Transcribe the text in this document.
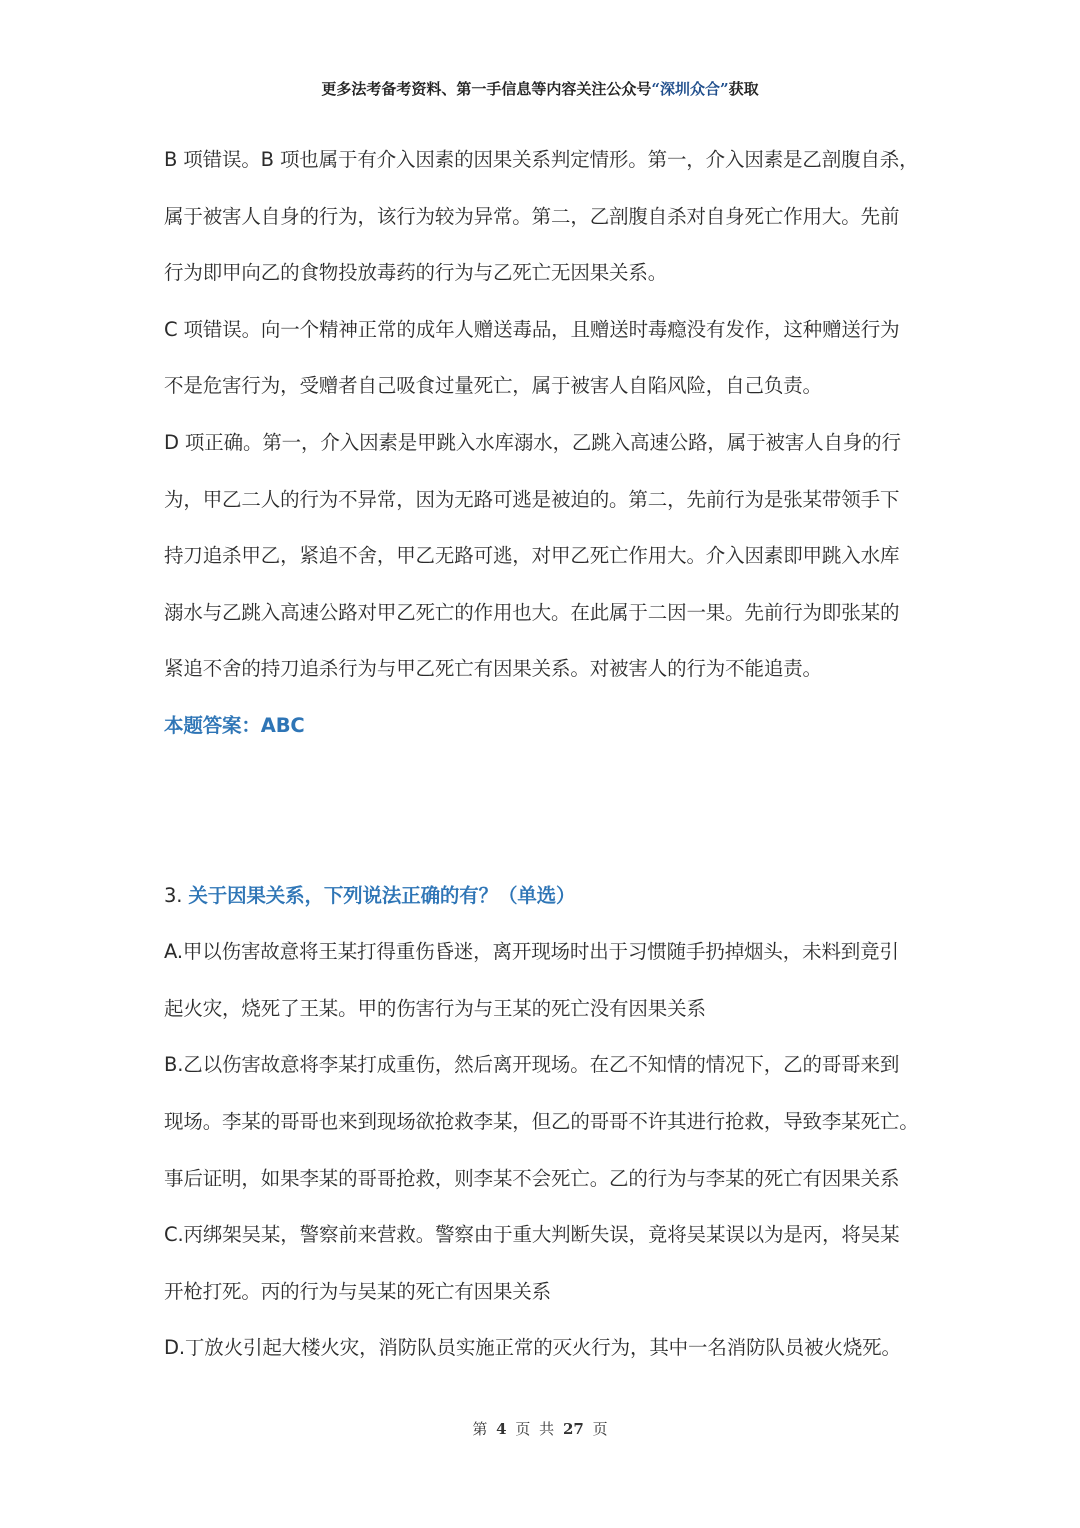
更多法考备考资料、第一手信息等内容关注公众号“深圳众合”获取
B 项错误。B 项也属于有介入因素的因果关系判定情形。第一，介入因素是乙剖腹自杀，
属于被害人自身的行为，该行为较为异常。第二，乙剖腹自杀对自身死亡作用大。先前
行为即甲向乙的食物投放毒药的行为与乙死亡无因果关系。
C 项错误。向一个精神正常的成年人赠送毒品，且赠送时毒瘾没有发作，这种赠送行为
不是危害行为，受赠者自己吸食过量死亡，属于被害人自陷风险，自己负责。
D 项正确。第一，介入因素是甲跳入水库溺水，乙跳入高速公路，属于被害人自身的行
为，甲乙二人的行为不异常，因为无路可逃是被迫的。第二，先前行为是张某带领手下
持刀追杀甲乙，紧追不舍，甲乙无路可逃，对甲乙死亡作用大。介入因素即甲跳入水库
溺水与乙跳入高速公路对甲乙死亡的作用也大。在此属于二因一果。先前行为即张某的
紧追不舍的持刀追杀行为与甲乙死亡有因果关系。对被害人的行为不能追责。
本题答案：ABC
3. 关于因果关系，下列说法正确的有？（单选）
A.甲以伤害故意将王某打得重伤昏迷，离开现场时出于习惯随手扔掉烟头，未料到竟引
起火灾，烧死了王某。甲的伤害行为与王某的死亡没有因果关系
B.乙以伤害故意将李某打成重伤，然后离开现场。在乙不知情的情况下，乙的哥哥来到
现场。李某的哥哥也来到现场欲抢救李某，但乙的哥哥不许其进行抢救，导致李某死亡。
事后证明，如果李某的哥哥抢救，则李某不会死亡。乙的行为与李某的死亡有因果关系
C.丙绑架吴某，警察前来营救。警察由于重大判断失误，竟将吴某误以为是丙，将吴某
开枪打死。丙的行为与吴某的死亡有因果关系
D.丁放火引起大楼火灾，消防队员实施正常的灭火行为，其中一名消防队员被火烧死。
第 4 页 共 27 页
